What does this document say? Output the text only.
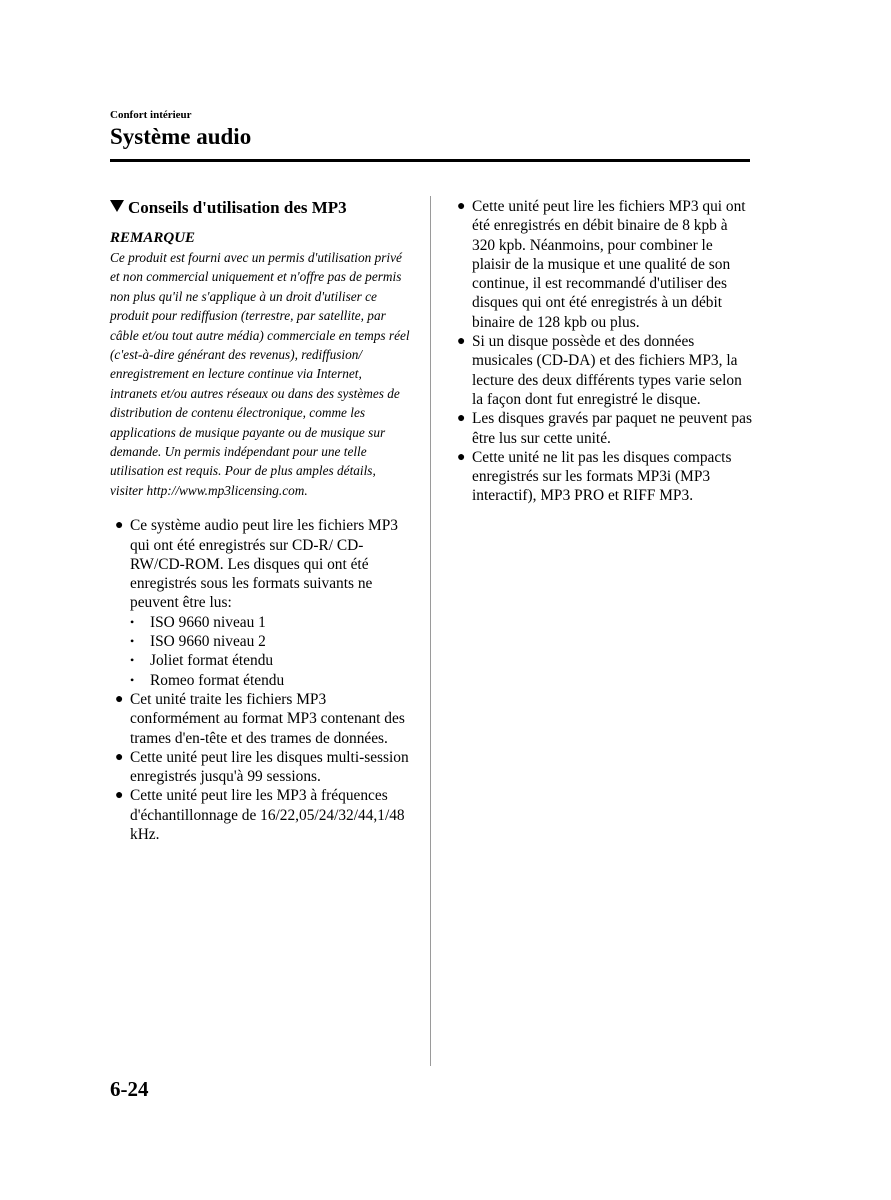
Confort intérieur
Système audio
Conseils d'utilisation des MP3
REMARQUE

Ce produit est fourni avec un permis d'utilisation privé et non commercial uniquement et n'offre pas de permis non plus qu'il ne s'applique à un droit d'utiliser ce produit pour rediffusion (terrestre, par satellite, par câble et/ou tout autre média) commerciale en temps réel (c'est-à-dire générant des revenus), rediffusion/ enregistrement en lecture continue via Internet, intranets et/ou autres réseaux ou dans des systèmes de distribution de contenu électronique, comme les applications de musique payante ou de musique sur demande. Un permis indépendant pour une telle utilisation est requis. Pour de plus amples détails, visiter http://www.mp3licensing.com.

● Ce système audio peut lire les fichiers MP3 qui ont été enregistrés sur CD-R/ CD-RW/CD-ROM. Les disques qui ont été enregistrés sous les formats suivants ne peuvent être lus:
• ISO 9660 niveau 1
• ISO 9660 niveau 2
• Joliet format étendu
• Romeo format étendu
● Cet unité traite les fichiers MP3 conformément au format MP3 contenant des trames d'en-tête et des trames de données.
● Cette unité peut lire les disques multi-session enregistrés jusqu'à 99 sessions.
● Cette unité peut lire les MP3 à fréquences d'échantillonnage de 16/22,05/24/32/44,1/48 kHz.
● Cette unité peut lire les fichiers MP3 qui ont été enregistrés en débit binaire de 8 kpb à 320 kpb. Néanmoins, pour combiner le plaisir de la musique et une qualité de son continue, il est recommandé d'utiliser des disques qui ont été enregistrés à un débit binaire de 128 kpb ou plus.
● Si un disque possède et des données musicales (CD-DA) et des fichiers MP3, la lecture des deux différents types varie selon la façon dont fut enregistré le disque.
● Les disques gravés par paquet ne peuvent pas être lus sur cette unité.
● Cette unité ne lit pas les disques compacts enregistrés sur les formats MP3i (MP3 interactif), MP3 PRO et RIFF MP3.
6-24
